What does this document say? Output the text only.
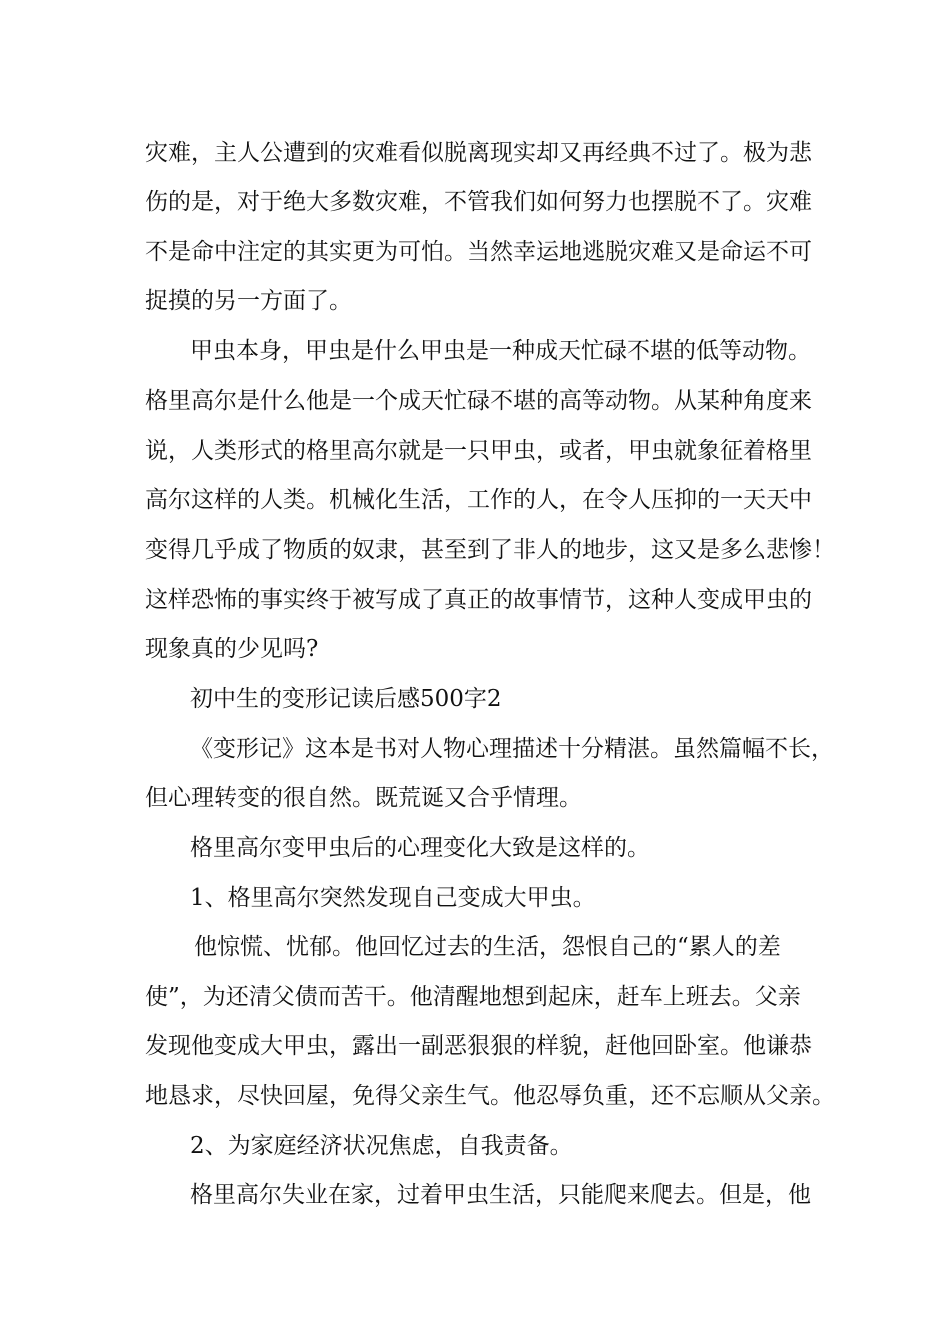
灾难，主人公遭到的灾难看似脱离现实却又再经典不过了。极为悲

伤的是，对于绝大多数灾难，不管我们如何努力也摆脱不了。灾难

不是命中注定的其实更为可怕。当然幸运地逃脱灾难又是命运不可

捉摸的另一方面了。

甲虫本身，甲虫是什么甲虫是一种成天忙碌不堪的低等动物。

格里高尔是什么他是一个成天忙碌不堪的高等动物。从某种角度来

说，人类形式的格里高尔就是一只甲虫，或者，甲虫就象征着格里

高尔这样的人类。机械化生活，工作的人，在令人压抑的一天天中

变得几乎成了物质的奴隶，甚至到了非人的地步，这又是多么悲惨！

这样恐怖的事实终于被写成了真正的故事情节，这种人变成甲虫的

现象真的少见吗?

初中生的变形记读后感500字2

《变形记》这本是书对人物心理描述十分精湛。虽然篇幅不长，

但心理转变的很自然。既荒诞又合乎情理。

格里高尔变甲虫后的心理变化大致是这样的。

1、格里高尔突然发现自己变成大甲虫。

他惊慌、忧郁。他回忆过去的生活，怨恨自己的“累人的差

使”，为还清父债而苦干。他清醒地想到起床，赶车上班去。父亲

发现他变成大甲虫，露出一副恶狠狠的样貌，赶他回卧室。他谦恭

地恳求，尽快回屋，免得父亲生气。他忍辱负重，还不忘顺从父亲。

2、为家庭经济状况焦虑，自我责备。

格里高尔失业在家，过着甲虫生活，只能爬来爬去。但是，他
